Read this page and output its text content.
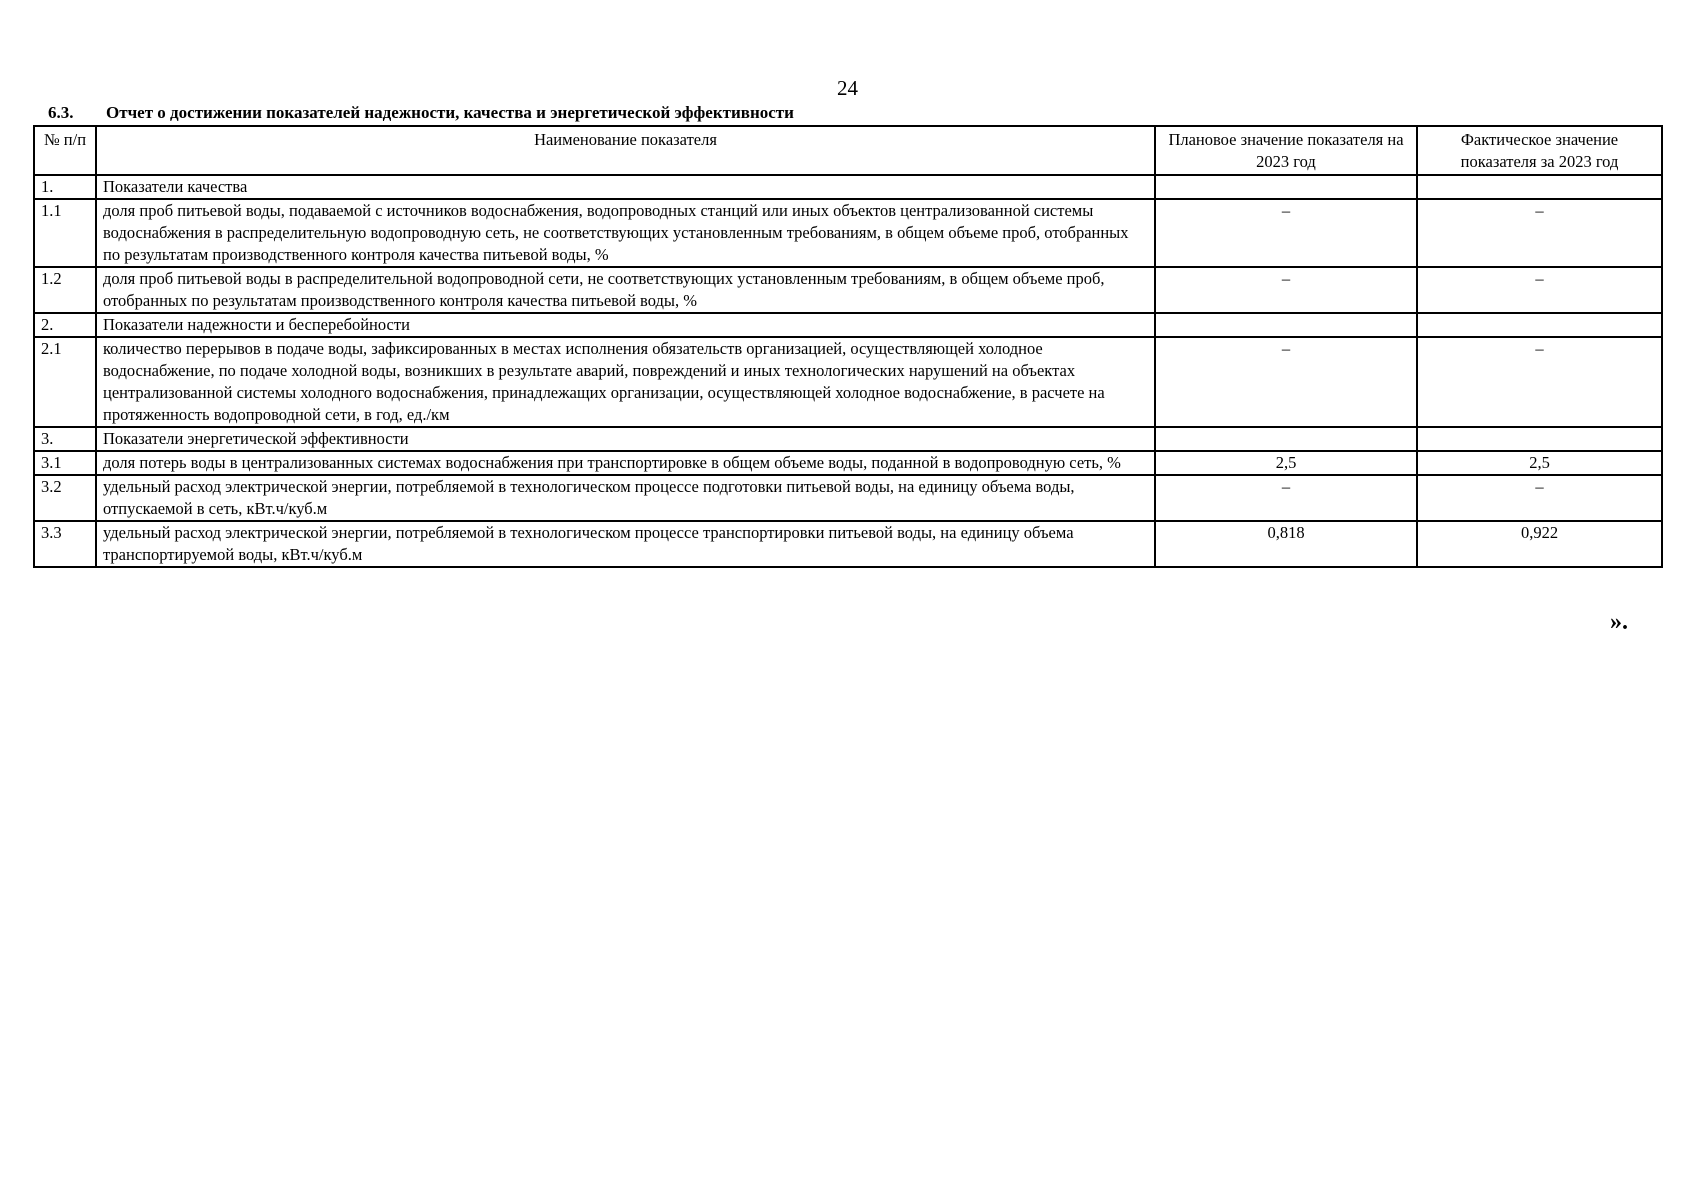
24
6.3. Отчет о достижении показателей надежности, качества и энергетической эффективности
№ п/п	Наименование показателя	Плановое значение показателя на 2023 год	Фактическое значение показателя за 2023 год
1.	Показатели качества		
1.1	доля проб питьевой воды, подаваемой с источников водоснабжения, водопроводных станций или иных объектов централизованной системы водоснабжения в распределительную водопроводную сеть, не соответствующих установленным требованиям, в общем объеме проб, отобранных по результатам производственного контроля качества питьевой воды, %	–	–
1.2	доля проб питьевой воды в распределительной водопроводной сети, не соответствующих установленным требованиям, в общем объеме проб, отобранных по результатам производственного контроля качества питьевой воды, %	–	–
2.	Показатели надежности и бесперебойности		
2.1	количество перерывов в подаче воды, зафиксированных в местах исполнения обязательств организацией, осуществляющей холодное водоснабжение, по подаче холодной воды, возникших в результате аварий, повреждений и иных технологических нарушений на объектах централизованной системы холодного водоснабжения, принадлежащих организации, осуществляющей холодное водоснабжение, в расчете на протяженность водопроводной сети, в год, ед./км	–	–
3.	Показатели энергетической эффективности		
3.1	доля потерь воды в централизованных системах водоснабжения при транспортировке в общем объеме воды, поданной в водопроводную сеть, %	2,5	2,5
3.2	удельный расход электрической энергии, потребляемой в технологическом процессе подготовки питьевой воды, на единицу объема воды, отпускаемой в сеть, кВт.ч/куб.м	–	–
3.3	удельный расход электрической энергии, потребляемой в технологическом процессе транспортировки питьевой воды, на единицу объема транспортируемой воды, кВт.ч/куб.м	0,818	0,922
».
